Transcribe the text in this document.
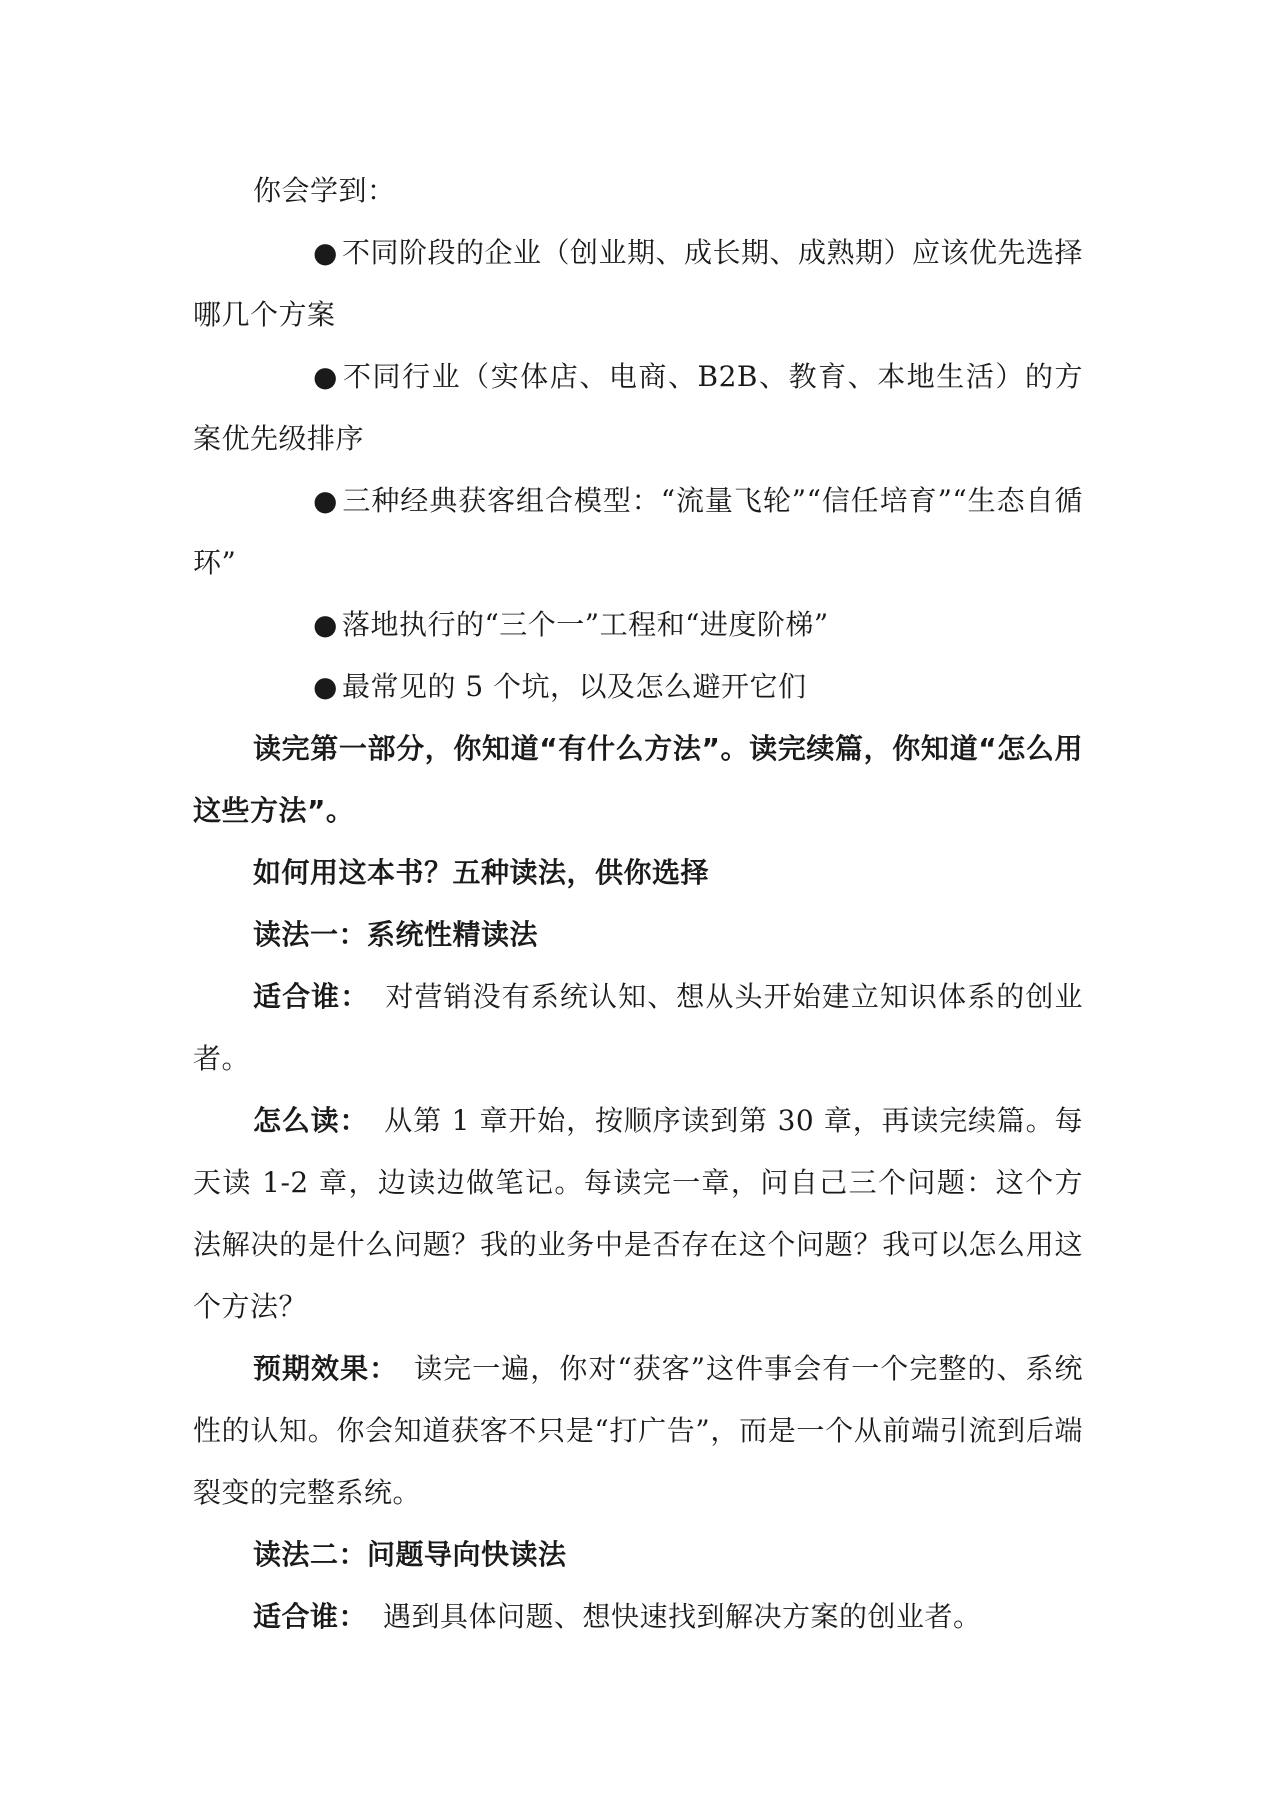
你会学到：

● 不同阶段的企业（创业期、成长期、成熟期）应该优先选择哪几个方案

● 不同行业（实体店、电商、B2B、教育、本地生活）的方案优先级排序

● 三种经典获客组合模型：“流量飞轮”“信任培育”“生态自循环”

● 落地执行的“三个一”工程和“进度阶梯”

● 最常见的 5 个坑，以及怎么避开它们

读完第一部分，你知道“有什么方法”。读完续篇，你知道“怎么用这些方法”。

如何用这本书？五种读法，供你选择

读法一：系统性精读法

适合谁： 对营销没有系统认知、想从头开始建立知识体系的创业者。

怎么读： 从第 1 章开始，按顺序读到第 30 章，再读完续篇。每天读 1-2 章，边读边做笔记。每读完一章，问自己三个问题：这个方法解决的是什么问题？我的业务中是否存在这个问题？我可以怎么用这个方法？

预期效果： 读完一遍，你对“获客”这件事会有一个完整的、系统性的认知。你会知道获客不只是“打广告”，而是一个从前端引流到后端裂变的完整系统。

读法二：问题导向快读法

适合谁： 遇到具体问题、想快速找到解决方案的创业者。
